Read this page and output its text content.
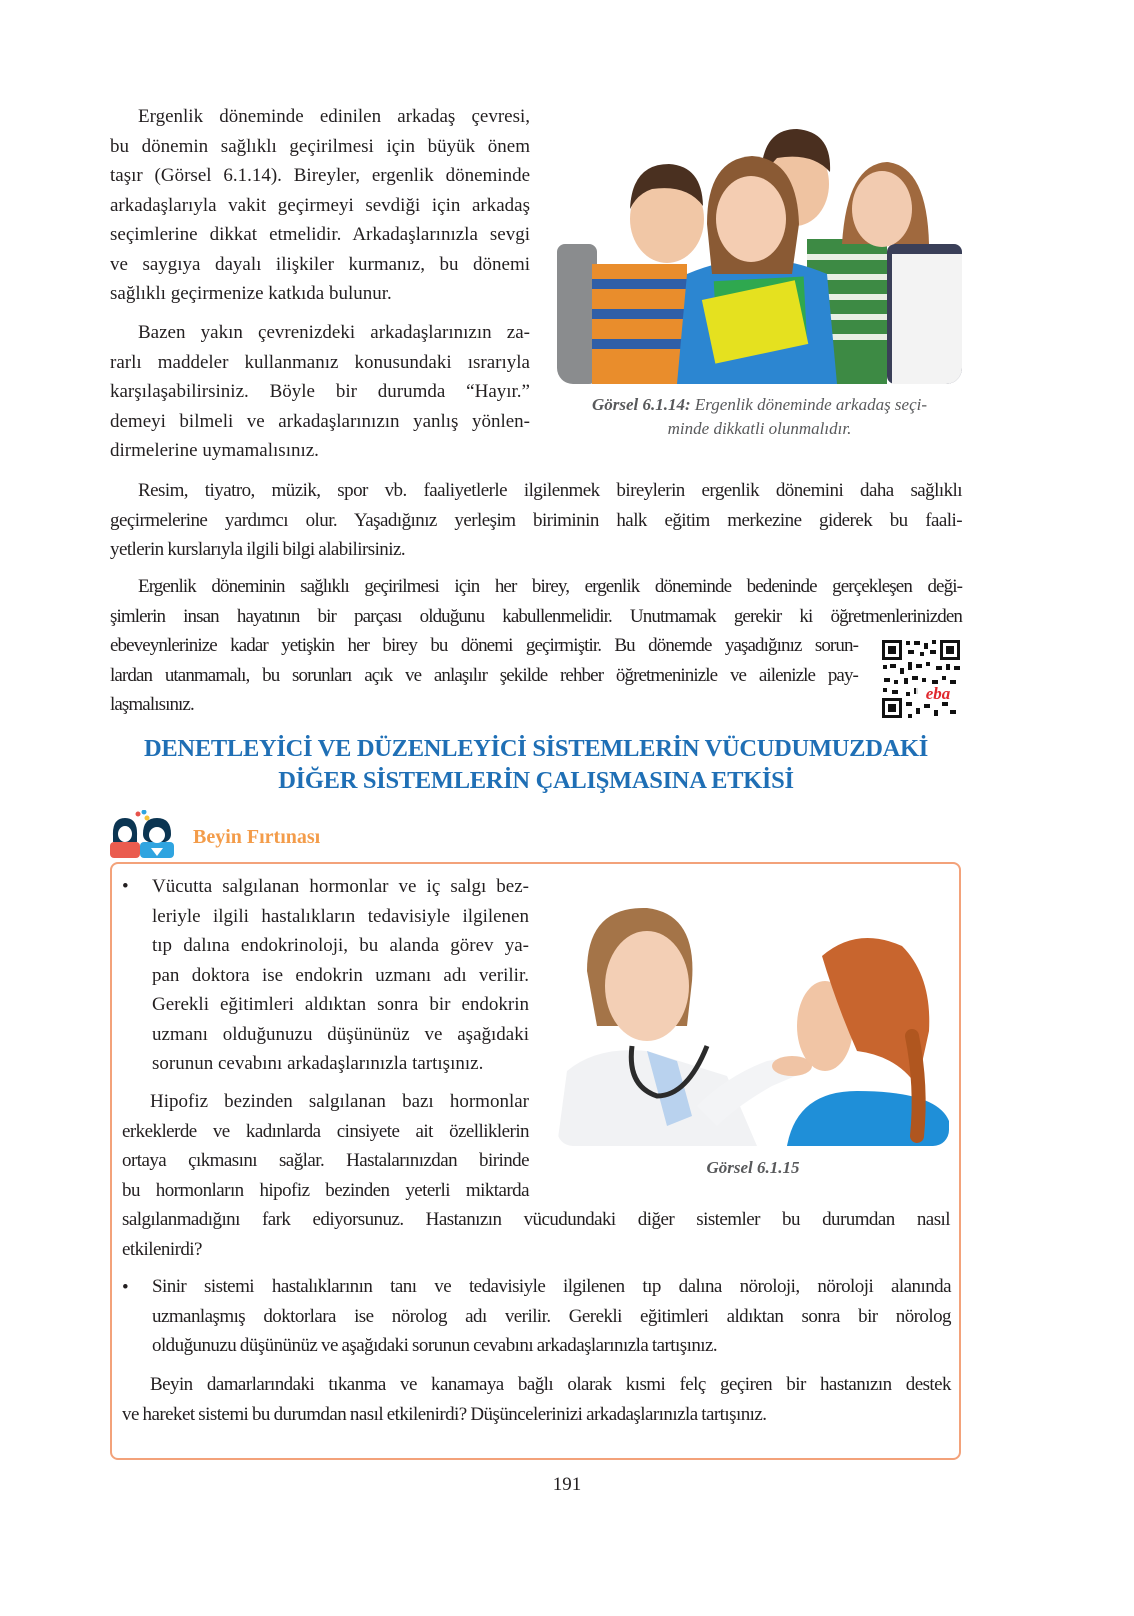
Ergenlik döneminde edinilen arkadaş çevresi,
bu dönemin sağlıklı geçirilmesi için büyük önem
taşır (Görsel 6.1.14). Bireyler, ergenlik döneminde
arkadaşlarıyla vakit geçirmeyi sevdiği için arkadaş
seçimlerine dikkat etmelidir. Arkadaşlarınızla sevgi
ve saygıya dayalı ilişkiler kurmanız, bu dönemi
sağlıklı geçirmenize katkıda bulunur.
Bazen yakın çevrenizdeki arkadaşlarınızın za-
rarlı maddeler kullanmanız konusundaki ısrarıyla
karşılaşabilirsiniz. Böyle bir durumda “Hayır.”
demeyi bilmeli ve arkadaşlarınızın yanlış yönlen-
dirmelerine uymamalısınız.
Görsel 6.1.14: Ergenlik döneminde arkadaş seçi-
minde dikkatli olunmalıdır.
Resim, tiyatro, müzik, spor vb. faaliyetlerle ilgilenmek bireylerin ergenlik dönemini daha sağlıklı
geçirmelerine yardımcı olur. Yaşadığınız yerleşim biriminin halk eğitim merkezine giderek bu faali-
yetlerin kurslarıyla ilgili bilgi alabilirsiniz.
Ergenlik döneminin sağlıklı geçirilmesi için her birey, ergenlik döneminde bedeninde gerçekleşen deği-
şimlerin insan hayatının bir parçası olduğunu kabullenmelidir. Unutmamak gerekir ki öğretmenlerinizden
ebeveynlerinize kadar yetişkin her birey bu dönemi geçirmiştir. Bu dönemde yaşadığınız sorun-
lardan utanmamalı, bu sorunları açık ve anlaşılır şekilde rehber öğretmeninizle ve ailenizle pay-
laşmalısınız.
eba
DENETLEYİCİ VE DÜZENLEYİCİ SİSTEMLERİN VÜCUDUMUZDAKİ
DİĞER SİSTEMLERİN ÇALIŞMASINA ETKİSİ
Beyin Fırtınası
• Vücutta salgılanan hormonlar ve iç salgı bez-
leriyle ilgili hastalıkların tedavisiyle ilgilenen
tıp dalına endokrinoloji, bu alanda görev ya-
pan doktora ise endokrin uzmanı adı verilir.
Gerekli eğitimleri aldıktan sonra bir endokrin
uzmanı olduğunuzu düşününüz ve aşağıdaki
sorunun cevabını arkadaşlarınızla tartışınız.
Hipofiz bezinden salgılanan bazı hormonlar
erkeklerde ve kadınlarda cinsiyete ait özelliklerin
ortaya çıkmasını sağlar. Hastalarınızdan birinde
bu hormonların hipofiz bezinden yeterli miktarda
salgılanmadığını fark ediyorsunuz. Hastanızın vücudundaki diğer sistemler bu durumdan nasıl
etkilenirdi?
Görsel 6.1.15
• Sinir sistemi hastalıklarının tanı ve tedavisiyle ilgilenen tıp dalına nöroloji, nöroloji alanında
uzmanlaşmış doktorlara ise nörolog adı verilir. Gerekli eğitimleri aldıktan sonra bir nörolog
olduğunuzu düşününüz ve aşağıdaki sorunun cevabını arkadaşlarınızla tartışınız.
Beyin damarlarındaki tıkanma ve kanamaya bağlı olarak kısmi felç geçiren bir hastanızın destek
ve hareket sistemi bu durumdan nasıl etkilenirdi? Düşüncelerinizi arkadaşlarınızla tartışınız.
191
